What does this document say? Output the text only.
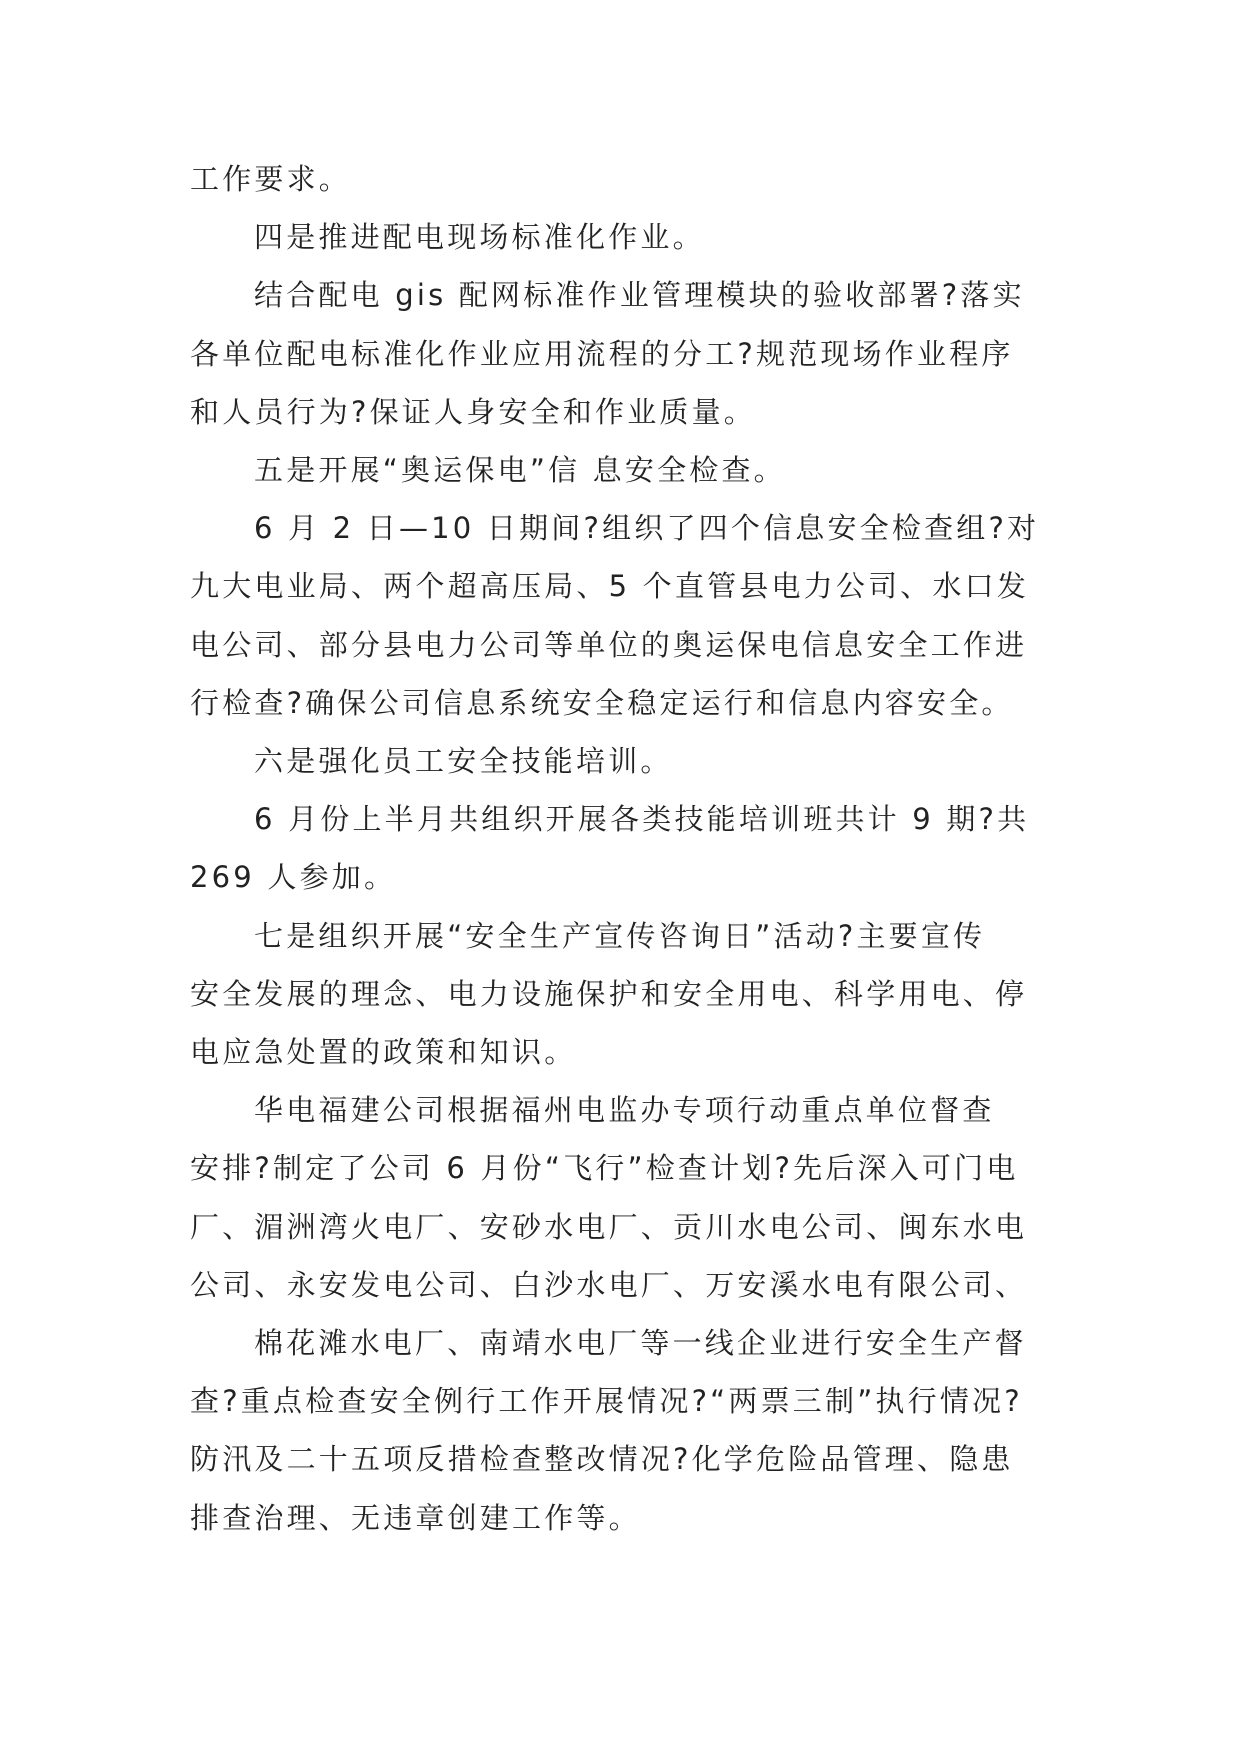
工作要求。
四是推进配电现场标准化作业。
结合配电 gis 配网标准作业管理模块的验收部署?落实
各单位配电标准化作业应用流程的分工?规范现场作业程序
和人员行为?保证人身安全和作业质量。
五是开展“奥运保电”信 息安全检查。
6 月 2 日—10 日期间?组织了四个信息安全检查组?对
九大电业局、两个超高压局、5 个直管县电力公司、水口发
电公司、部分县电力公司等单位的奥运保电信息安全工作进
行检查?确保公司信息系统安全稳定运行和信息内容安全。
六是强化员工安全技能培训。
6 月份上半月共组织开展各类技能培训班共计 9 期?共
269 人参加。
七是组织开展“安全生产宣传咨询日”活动?主要宣传
安全发展的理念、电力设施保护和安全用电、科学用电、停
电应急处置的政策和知识。
华电福建公司根据福州电监办专项行动重点单位督查
安排?制定了公司 6 月份“飞行”检查计划?先后深入可门电
厂、湄洲湾火电厂、安砂水电厂、贡川水电公司、闽东水电
公司、永安发电公司、白沙水电厂、万安溪水电有限公司、
棉花滩水电厂、南靖水电厂等一线企业进行安全生产督
查?重点检查安全例行工作开展情况?“两票三制”执行情况?
防汛及二十五项反措检查整改情况?化学危险品管理、隐患
排查治理、无违章创建工作等。
